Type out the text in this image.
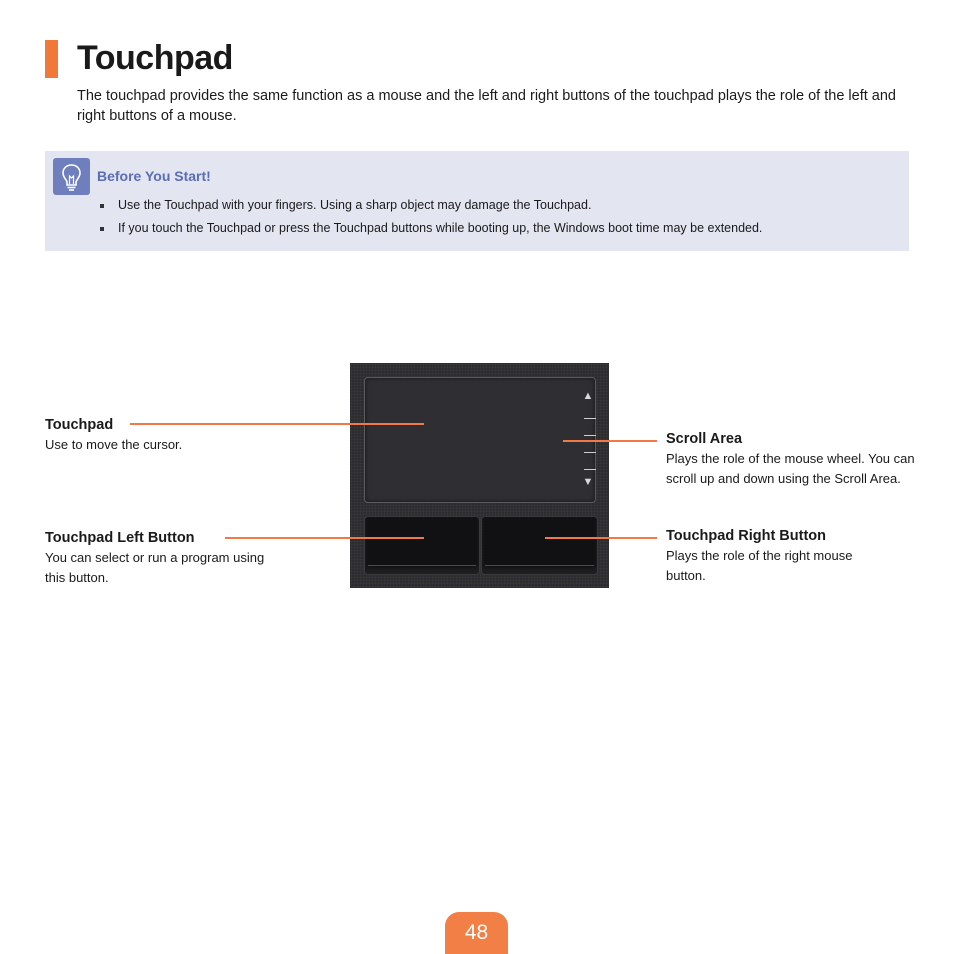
Touchpad

The touchpad provides the same function as a mouse and the left and right buttons of the touchpad plays the role of the left and right buttons of a mouse.

Before You Start!
Use the Touchpad with your fingers. Using a sharp object may damage the Touchpad.
If you touch the Touchpad or press the Touchpad buttons while booting up, the Windows boot time may be extended.
▲
▼

Touchpad

Use to move the cursor.

Touchpad Left Button

You can select or run a program using this button.

Scroll Area

Plays the role of the mouse wheel. You can scroll up and down using the Scroll Area.

Touchpad Right Button

Plays the role of the right mouse button.

48
